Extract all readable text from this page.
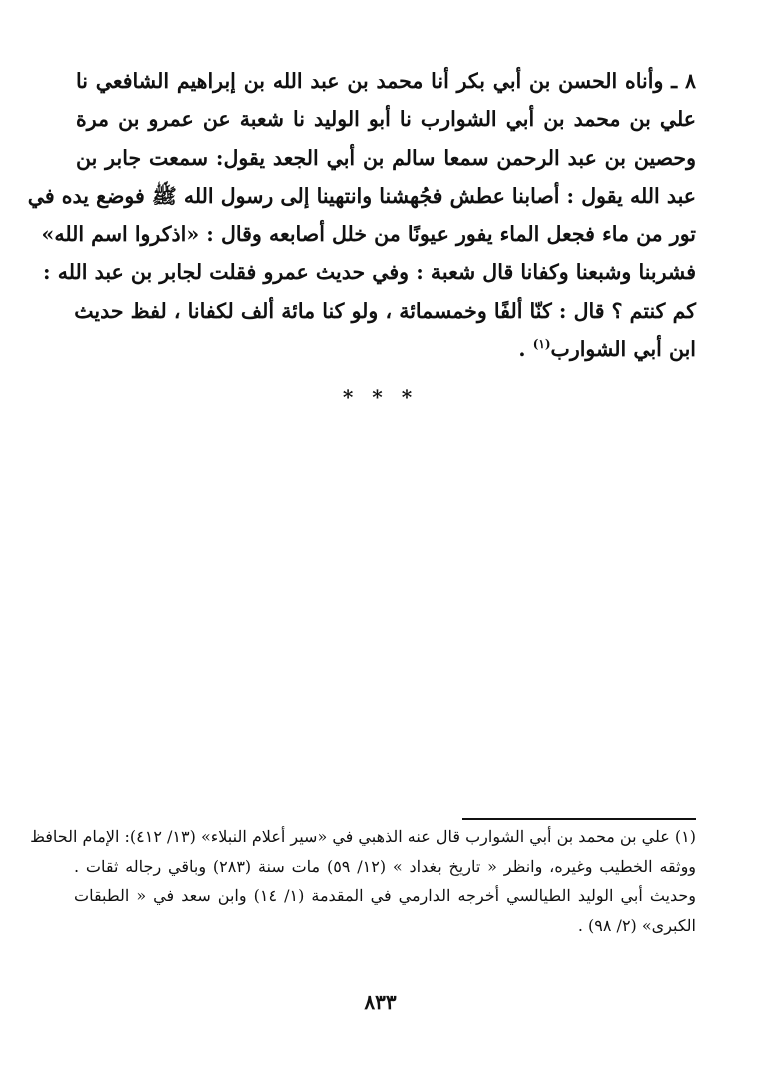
٨ ـ وأناه الحسن بن أبي بكر أنا محمد بن عبد الله بن إبراهيم الشافعي نا
علي بن محمد بن أبي الشوارب نا أبو الوليد نا شعبة عن عمرو بن مرة
وحصين بن عبد الرحمن سمعا سالم بن أبي الجعد يقول: سمعت جابر بن
عبد الله يقول : أصابنا عطش فجُهشنا وانتهينا إلى رسول الله ﷺ فوضع يده في
تور من ماء فجعل الماء يفور عيونًا من خلل أصابعه وقال : «اذكروا اسم الله»
فشربنا وشبعنا وكفانا قال شعبة : وفي حديث عمرو فقلت لجابر بن عبد الله :
كم كنتم ؟ قال : كنّا ألفًا وخمسمائة ، ولو كنا مائة ألف لكفانا ، لفظ حديث
ابن أبي الشوارب$^{(١)}$ .
* * *
(١) علي بن محمد بن أبي الشوارب قال عنه الذهبي في «سير أعلام النبلاء» (١٣/ ٤١٢): الإمام الحافظ
ووثقه الخطيب وغيره، وانظر « تاريخ بغداد » (١٢/ ٥٩) مات سنة (٢٨٣) وباقي رجاله ثقات .
وحديث أبي الوليد الطيالسي أخرجه الدارمي في المقدمة (١/ ١٤) وابن سعد في « الطبقات
الكبرى» (٢/ ٩٨) .
٨٣٣
